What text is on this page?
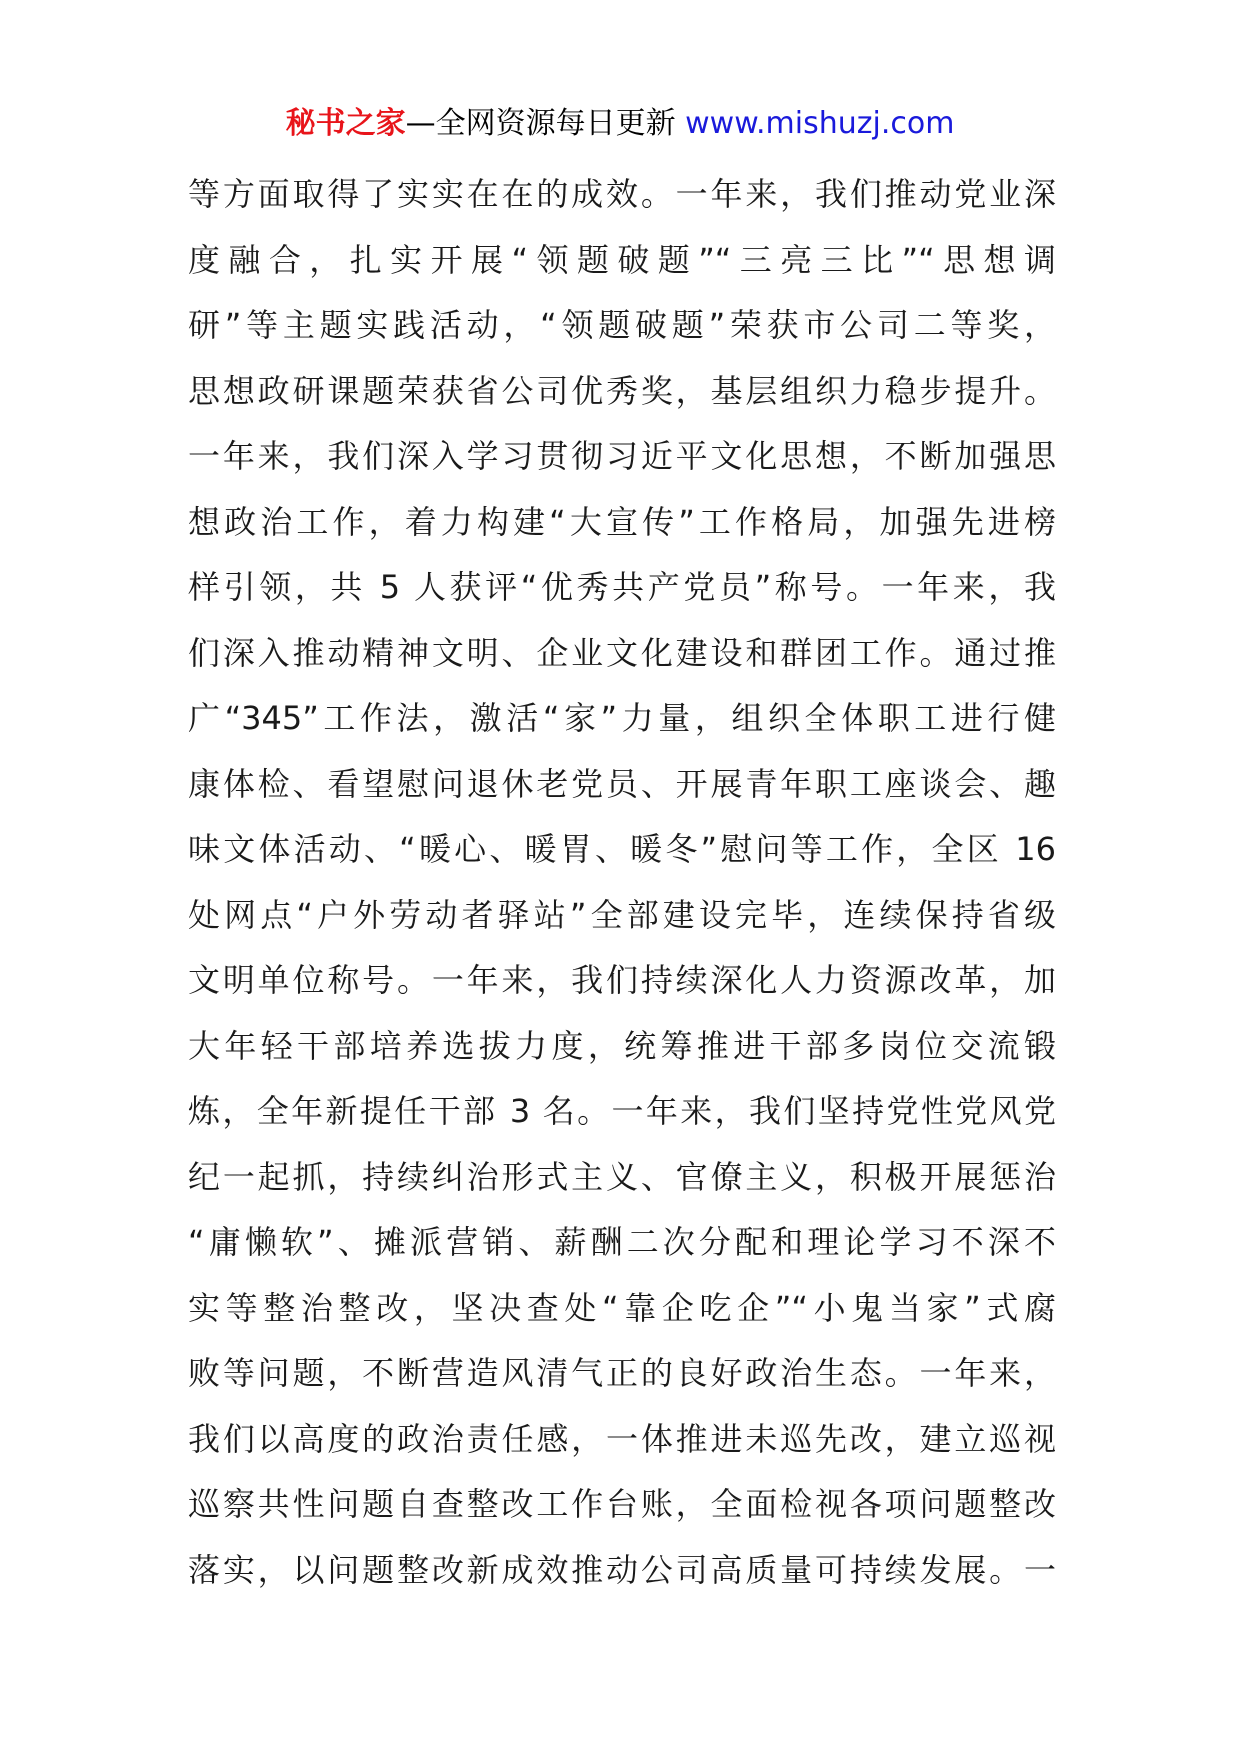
秘书之家—全网资源每日更新 www.mishuzj.com
等方面取得了实实在在的成效。一年来，我们推动党业深
度融合，扎实开展“领题破题”“三亮三比”“思想调
研”等主题实践活动，“领题破题”荣获市公司二等奖，
思想政研课题荣获省公司优秀奖，基层组织力稳步提升。
一年来，我们深入学习贯彻习近平文化思想，不断加强思
想政治工作，着力构建“大宣传”工作格局，加强先进榜
样引领，共 5 人获评“优秀共产党员”称号。一年来，我
们深入推动精神文明、企业文化建设和群团工作。通过推
广“345”工作法，激活“家”力量，组织全体职工进行健
康体检、看望慰问退休老党员、开展青年职工座谈会、趣
味文体活动、“暖心、暖胃、暖冬”慰问等工作，全区 16
处网点“户外劳动者驿站”全部建设完毕，连续保持省级
文明单位称号。一年来，我们持续深化人力资源改革，加
大年轻干部培养选拔力度，统筹推进干部多岗位交流锻
炼，全年新提任干部 3 名。一年来，我们坚持党性党风党
纪一起抓，持续纠治形式主义、官僚主义，积极开展惩治
“庸懒软”、摊派营销、薪酬二次分配和理论学习不深不
实等整治整改，坚决查处“靠企吃企”“小鬼当家”式腐
败等问题，不断营造风清气正的良好政治生态。一年来，
我们以高度的政治责任感，一体推进未巡先改，建立巡视
巡察共性问题自查整改工作台账，全面检视各项问题整改
落实，以问题整改新成效推动公司高质量可持续发展。一
